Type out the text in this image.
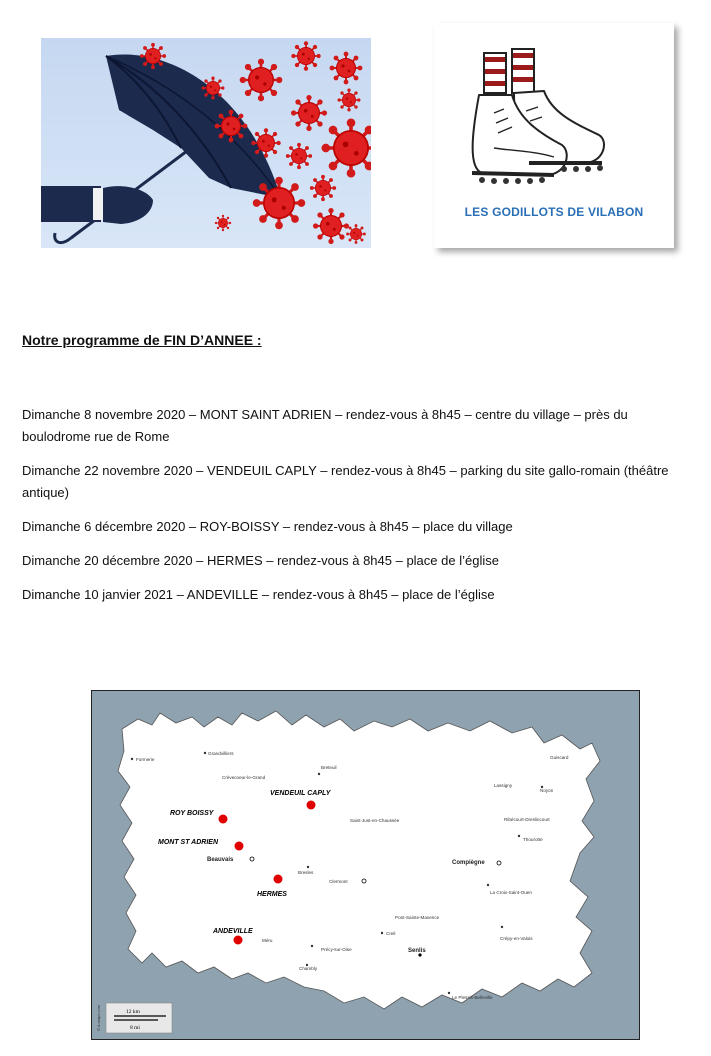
LES GODILLOTS DE VILABON
Notre programme de FIN D’ANNEE :
Dimanche 8 novembre 2020 – MONT SAINT ADRIEN – rendez-vous à 8h45 – centre du village – près du boulodrome rue de Rome
Dimanche 22 novembre 2020 – VENDEUIL CAPLY – rendez-vous à 8h45 – parking du site gallo-romain (théâtre antique)
Dimanche 6 décembre 2020 – ROY-BOISSY – rendez-vous à 8h45 – place du village
Dimanche 20 décembre 2020 – HERMES – rendez-vous à 8h45 – place de l’église
Dimanche 10 janvier 2021 – ANDEVILLE – rendez-vous à 8h45 – place de l’église
Formerie
Grandvilliers
Crèvecoeur-le-Grand
Breteuil
Guiscard
Lassigny
Noyon
Saint-Just-en-Chaussée	Ribécourt-Dreslincourt
Thourotte
Beauvais	Compiègne
Bresles
Clermont
La Croix-Saint-Ouen
Pont-Sainte-Maxence
Creil
Senlis
Crépy-en-Valois
Méru
Précy-sur-Oise
Chambly
Le Plessis-Belleville
VENDEUIL CAPLY
ROY BOISSY
MONT ST ADRIEN
HERMES
ANDEVILLE
12 km
8 mi
© d-maps.com
